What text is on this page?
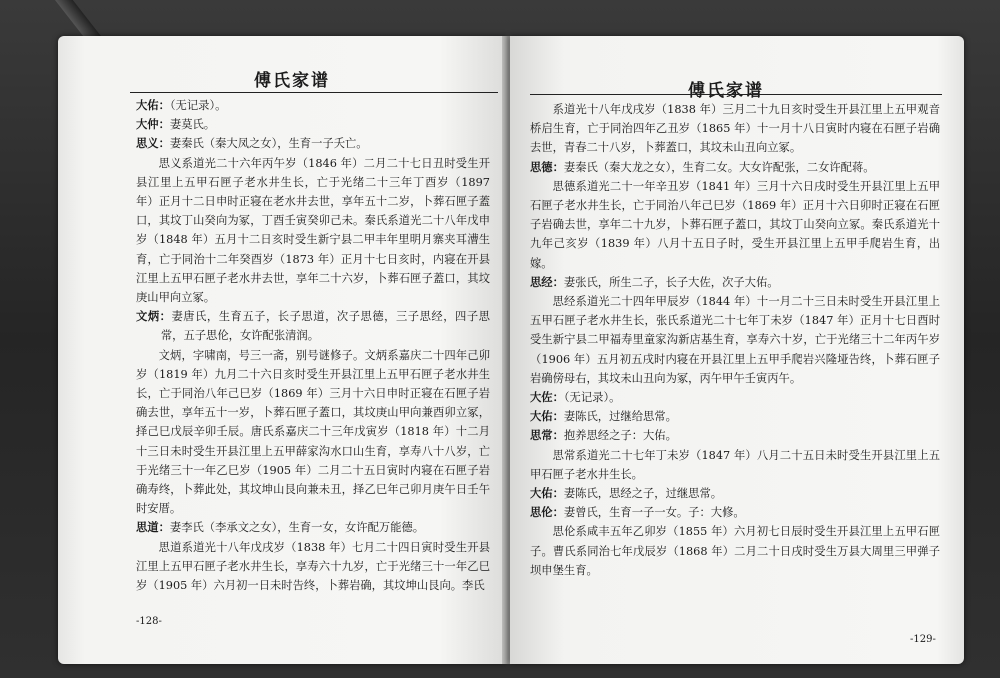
傅氏家谱

大佑：（无记录）。

大仲：妻莫氏。

思义：妻秦氏（秦大凤之女），生育一子夭亡。

思义系道光二十六年丙午岁（1846 年）二月二十七日丑时受生开县江里上五甲石匣子老水井生长，亡于光绪二十三年丁酉岁（1897 年）正月十二日申时正寝在老水井去世，享年五十二岁，卜葬石匣子蓋口，其坟丁山癸向为冢，丁酉壬寅癸卯己未。秦氏系道光二十八年戊申岁（1848 年）五月十二日亥时受生新宁县二甲丰年里明月寨夹耳漕生育，亡于同治十二年癸酉岁（1873 年）正月十七日亥时，内寝在开县江里上五甲石匣子老水井去世，享年二十六岁，卜葬石匣子蓋口，其坟庚山甲向立冢。

文炳：妻唐氏，生育五子，长子思道，次子思德，三子思经，四子思常，五子思伦，女许配张清润。

文炳，字啸南，号三一斋，别号谜修子。文炳系嘉庆二十四年己卯岁（1819 年）九月二十六日亥时受生开县江里上五甲石匣子老水井生长，亡于同治八年己巳岁（1869 年）三月十六日申时正寝在石匣子岩确去世，享年五十一岁，卜葬石匣子蓋口，其坟庚山甲向兼酉卯立冢，择己巳戊辰辛卯壬辰。唐氏系嘉庆二十三年戊寅岁（1818 年）十二月十三日未时受生开县江里上五甲薛家沟水口山生育，享寿八十八岁，亡于光绪三十一年乙巳岁（1905 年）二月二十五日寅时内寝在石匣子岩确寿终，卜葬此处，其坟坤山艮向兼未丑，择乙巳年己卯月庚午日壬午时安厝。

思道：妻李氏（李承文之女），生育一女，女许配万能德。

思道系道光十八年戊戌岁（1838 年）七月二十四日寅时受生开县江里上五甲石匣子老水井生长，享寿六十九岁，亡于光绪三十一年乙巳岁（1905 年）六月初一日未时告终，卜葬岩确，其坟坤山艮向。李氏

-128-
傅氏家谱

系道光十八年戊戌岁（1838 年）三月二十九日亥时受生开县江里上五甲观音桥启生育，亡于同治四年乙丑岁（1865 年）十一月十八日寅时内寝在石匣子岩确去世，青春二十八岁，卜葬蓋口，其坟未山丑向立冢。

思德：妻秦氏（秦大龙之女），生育二女。大女许配张，二女许配蒋。

思德系道光二十一年辛丑岁（1841 年）三月十六日戌时受生开县江里上五甲石匣子老水井生长，亡于同治八年己巳岁（1869 年）正月十六日卯时正寝在石匣子岩确去世，享年二十九岁，卜葬石匣子蓋口，其坟丁山癸向立冢。秦氏系道光十九年己亥岁（1839 年）八月十五日子时，受生开县江里上五甲手爬岩生育，出嫁。

思经：妻张氏，所生二子，长子大佐，次子大佑。

思经系道光二十四年甲辰岁（1844 年）十一月二十三日未时受生开县江里上五甲石匣子老水井生长，张氏系道光二十七年丁未岁（1847 年）正月十七日酉时受生新宁县二甲福寿里童家沟新店基生育，享寿六十岁，亡于光绪三十二年丙午岁（1906 年）五月初五戌时内寝在开县江里上五甲手爬岩兴隆垭告终，卜葬石匣子岩确傍母右，其坟未山丑向为冢，丙午甲午壬寅丙午。

大佐：（无记录）。

大佑：妻陈氏，过继给思常。

思常：抱养思经之子：大佑。

思常系道光二十七年丁未岁（1847 年）八月二十五日未时受生开县江里上五甲石匣子老水井生长。

大佑：妻陈氏，思经之子，过继思常。

思伦：妻曾氏，生育一子一女。子：大修。

思伦系咸丰五年乙卯岁（1855 年）六月初七日辰时受生开县江里上五甲石匣子。曹氏系同治七年戊辰岁（1868 年）二月二十日戌时受生万县大周里三甲弹子坝申堡生育。

-129-
